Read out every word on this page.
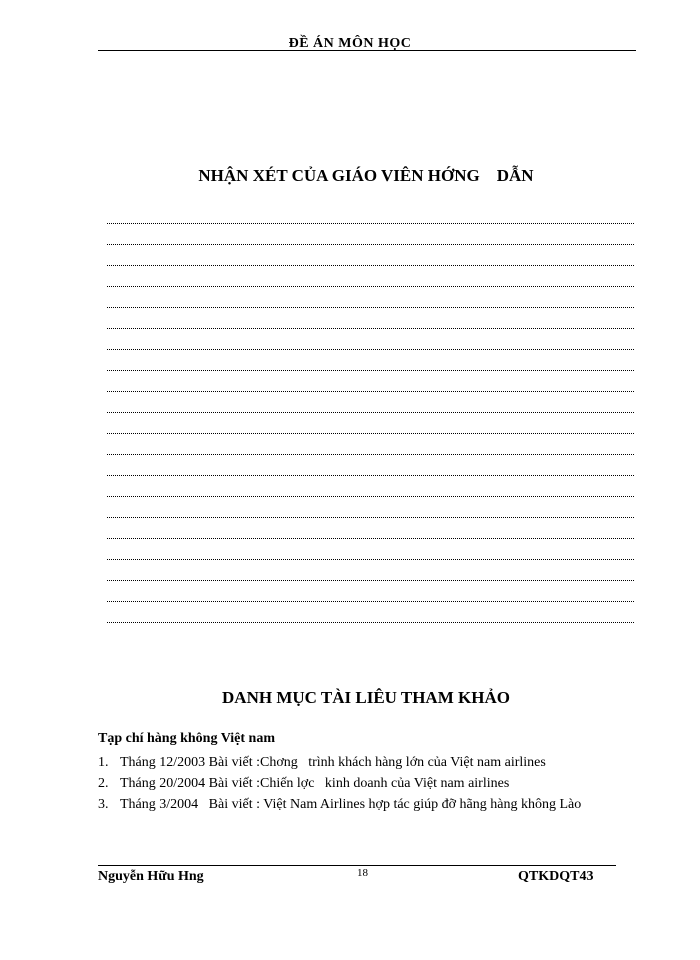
ĐỀ ÁN MÔN HỌC
NHẬN XÉT CỦA GIÁO VIÊN HỚNG    DẪN
DANH MỤC TÀI LIÊU THAM KHẢO
Tạp chí hàng không Việt nam
1. Tháng 12/2003 Bài viết :Chơng   trình khách hàng lớn của Việt nam airlines
2. Tháng 20/2004 Bài viết :Chiến lợc   kinh doanh của Việt nam airlines
3. Tháng 3/2004   Bài viết : Việt Nam Airlines hợp tác giúp đỡ hãng hàng không Lào
Nguyễn Hữu Hng	18	QTKDQT43
